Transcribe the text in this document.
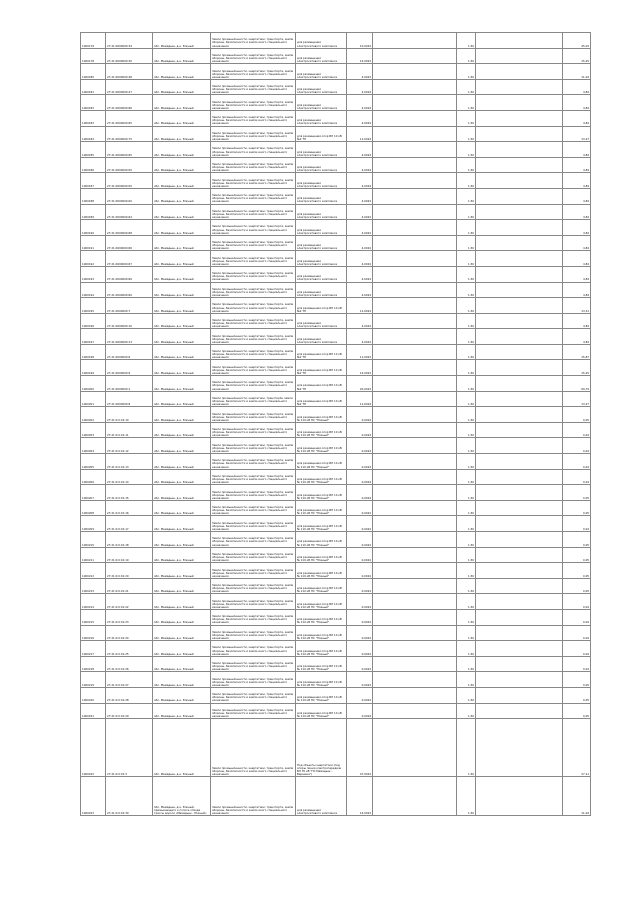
1000179	27:21:0000000:34	обл. Мамадыш, д.н. Южный	Земли промышленности, энергетики, транспорта, земли обороны, безопасности и земли иного специального назначения	для размещения электросетевого комплекса	10,0024		1,50		45,03
1000178	27:21:0000000:30	обл. Мамадыш, д.н. Южный	Земли промышленности, энергетики, транспорта, земли обороны, безопасности и земли иного специального назначения	для размещения электросетевого комплекса	12,0024		1,50		15,25
1000180	27:21:0000000:48	обл. Мамадыш, д.н. Южный	Земли промышленности, энергетики, транспорта, земли обороны, безопасности и земли иного специального назначения	для размещения электросетевого комплекса	4,0024		1,50		11,04
1000181	27:21:0000000:47	обл. Мамадыш, д.н. Южный	Земли промышленности, энергетики, транспорта, земли обороны, безопасности и земли иного специального назначения	для размещения электросетевого комплекса	4,0024		1,50		4,84
1000183	27:21:0000000:66	обл. Мамадыш, д.н. Южный	Земли промышленности, энергетики, транспорта, земли обороны, безопасности и земли иного специального назначения	для размещения электросетевого комплекса	4,0024		1,50		4,84
1000183	27:21:0000000:65	обл. Мамадыш, д.н. Южный	Земли промышленности, энергетики, транспорта, земли обороны, безопасности и земли иного специального назначения	для размещения электросетевого комплекса	4,0024		1,50		4,84
1000184	27:21:0000000:75	обл. Мамадыш, д.н. Южный	Земли промышленности, энергетики, транспорта, земли обороны, безопасности и земли иного специального назначения	для размещения опор ВЛ 10 кВ №2 ТП	11,0024		1,50		13,27
1000185	27:21:0000000:65	обл. Мамадыш, д.н. Южный	Земли промышленности, энергетики, транспорта, земли обороны, безопасности и земли иного специального назначения	для размещения электросетевого комплекса	4,0024		1,50		4,84
1000186	27:21:0000000:00	обл. Мамадыш, д.н. Южный	Земли промышленности, энергетики, транспорта, земли обороны, безопасности и земли иного специального назначения	для размещения электросетевого комплекса	4,0024		1,50		4,84
1000187	27:21:0000000:00	обл. Мамадыш, д.н. Южный	Земли промышленности, энергетики, транспорта, земли обороны, безопасности и земли иного специального назначения	для размещения электросетевого комплекса	4,0024		1,50		4,84
1000188	27:21:0000000:00	обл. Мамадыш, д.н. Южный	Земли промышленности, энергетики, транспорта, земли обороны, безопасности и земли иного специального назначения	для размещения электросетевого комплекса	4,0024		1,50		4,84
1000189	27:21:0000000:64	обл. Мамадыш, д.н. Южный	Земли промышленности, энергетики, транспорта, земли обороны, безопасности и земли иного специального назначения	для размещения электросетевого комплекса	4,0024		1,50		4,84
1000190	27:21:0000000:68	обл. Мамадыш, д.н. Южный	Земли промышленности, энергетики, транспорта, земли обороны, безопасности и земли иного специального назначения	для размещения электросетевого комплекса	4,0024		1,50		4,84
1000191	27:21:0000000:66	обл. Мамадыш, д.н. Южный	Земли промышленности, энергетики, транспорта, земли обороны, безопасности и земли иного специального назначения	для размещения электросетевого комплекса	4,0024		1,50		4,84
1000192	27:21:0000000:67	обл. Мамадыш, д.н. Южный	Земли промышленности, энергетики, транспорта, земли обороны, безопасности и земли иного специального назначения	для размещения электросетевого комплекса	4,0024		1,50		4,84
1000193	27:21:0000000:66	обл. Мамадыш, д.н. Южный	Земли промышленности, энергетики, транспорта, земли обороны, безопасности и земли иного специального назначения	для размещения электросетевого комплекса	4,0024		1,50		4,84
1000194	27:21:0000000:60	обл. Мамадыш, д.н. Южный	Земли промышленности, энергетики, транспорта, земли обороны, безопасности и земли иного специального назначения	для размещения электросетевого комплекса	4,0024		1,50		4,84
1000195	27:21:0000000:7	обл. Мамадыш, д.н. Южный	Земли промышленности, энергетики, транспорта, земли обороны, безопасности и земли иного специального назначения	для размещения опор ВЛ 10 кВ №2 ТП	11,0024		1,50		13,31
1000196	27:21:0000000:10	обл. Мамадыш, д.н. Южный	Земли промышленности, энергетики, транспорта, земли обороны, безопасности и земли иного специального назначения	для размещения электросетевого комплекса	4,0024		1,50		4,84
1000197	27:21:0000000:13	обл. Мамадыш, д.н. Южный	Земли промышленности, энергетики, транспорта, земли обороны, безопасности и земли иного специального назначения	для размещения электросетевого комплекса	4,0024		1,50		4,84
1000198	27:21:0000000:6	обл. Мамадыш, д.н. Южный	Земли промышленности, энергетики, транспорта, земли обороны, безопасности и земли иного специального назначения	для размещения опор ВЛ 10 кВ №2 ТП	11,0024		1,50		15,87
1000199	27:21:0000000:9	обл. Мамадыш, д.н. Южный	Земли промышленности, энергетики, транспорта, земли обороны, безопасности и земли иного специального назначения	для размещения опор ВЛ 10 кВ №2 ТП	12,0024		1,50		15,25
1000200	27:21:0000000:1	обл. Мамадыш, д.н. Южный	Земли промышленности, энергетики, транспорта, земли обороны, безопасности и земли иного специального назначения	для размещения опор ВЛ 10 кВ №2 ТП	20,0024		1,50		69,79
1000201	27:21:0000000:8	обл. Мамадыш, д.н. Южный	Земли промышленности, энергетики, транспорta, земли обороны, безопасности и земли иного специального назначения	для размещения опор ВЛ 10 кВ №2 ТП	11,0024		1,50		13,27
1000202	27:21:0:0:01:10	обл. Мамадыш, д.н. Южный	Земли промышленности, энергетики, транспорта, земли обороны, безопасности и земли иного специального назначения	для размещения опор ВЛ 10 кВ № 110 кВ ПС "Южный"	0,0024		1,50		0,05
1000203	27:21:0:0:01:11	обл. Мамадыш, д.н. Южный	Земли промышленности, энергетики, транспорта, земли обороны, безопасности и земли иного специального назначения	для размещения опор ВЛ 10 кВ № 110 кВ ПС "Южный"	0,0024		1,50		0,04
1000204	27:21:0:0:01:12	обл. Мамадыш, д.н. Южный	Земли промышленности, энергетики, транспорта, земли обороны, безопасности и земли иного специального назначения	для размещения опор ВЛ 10 кВ № 110 кВ ПС "Южный"	0,0024		1,50		0,04
1000205	27:21:0:0:01:13	обл. Мамадыш, д.н. Южный	Земли промышленности, энергетики, транспорта, земли обороны, безопасности и земли иного специального назначения	для размещения опор ВЛ 10 кВ № 110 кВ ПС "Южный"	0,0024		1,50		0,04
1000206	27:21:0:0:01:14	обл. Мамадыш, д.н. Южный	Земли промышленности, энергетики, транспорта, земли обороны, безопасности и земли иного специального назначения	для размещения опор ВЛ 10 кВ № 110 кВ ПС "Южный"	0,0024		1,50		0,04
1000207	27:21:0:0:01:15	обл. Мамадыш, д.н. Южный	Земли промышленности, энергетики, транспорта, земли обороны, безопасности и земли иного специального назначения	для размещения опор ВЛ 10 кВ № 110 кВ ПС "Южный"	0,0024		1,50		0,05
1000208	27:21:0:0:01:16	обл. Мамадыш, д.н. Южный	Земли промышленности, энергетики, транспорта, земли обороны, безопасности и земли иного специального назначения	для размещения опор ВЛ 10 кВ № 110 кВ ПС "Южный"	0,0024		1,50		0,05
1000209	27:21:0:0:01:17	обл. Мамадыш, д.н. Южный	Земли промышленности, энергетики, транспорта, земли обороны, безопасности и земли иного специального назначения	для размещения опор ВЛ 10 кВ № 110 кВ ПС "Южный"	0,0024		1,50		0,04
1000210	27:21:0:0:01:18	обл. Мамадыш, д.н. Южный	Земли промышленности, энергетики, транспорта, земли обороны, безопасности и земли иного специального назначения	для размещения опор ВЛ 10 кВ № 110 кВ ПС "Южный"	0,0024		1,50		0,05
1000211	27:21:0:0:01:19	обл. Мамадыш, д.н. Южный	Земли промышленности, энергетики, транспорта, земли обороны, безопасности и земли иного специального назначения	для размещения опор ВЛ 10 кВ № 110 кВ ПС "Южный"	0,0024		1,50		0,05
1000212	27:21:0:0:01:20	обл. Мамадыш, д.н. Южный	Земли промышленности, энергетики, транспорта, земли обороны, безопасности и земли иного специального назначения	для размещения опор ВЛ 10 кВ № 110 кВ ПС "Южный"	0,0024		1,50		0,05
1000213	27:21:0:0:01:21	обл. Мамадыш, д.н. Южный	Земли промышленности, энергетики, транспорта, земли обороны, безопасности и земли иного специального назначения	для размещения опор ВЛ 10 кВ № 110 кВ ПС "Южный"	0,0024		1,50		0,05
1000214	27:21:0:0:01:22	обл. Мамадыш, д.н. Южный	Земли промышленности, энергетики, транспорта, земли обороны, безопасности и земли иного специального назначения	для размещения опор ВЛ 10 кВ № 110 кВ ПС "Южный"	0,0024		1,50		0,04
1000215	27:21:0:0:01:23	обл. Мамадыш, д.н. Южный	Земли промышленности, энергетики, транспорта, земли обороны, безопасности и земли иного специального назначения	для размещения опор ВЛ 10 кВ № 110 кВ ПС "Южный"	0,0024		1,50		0,04
1000216	27:21:0:0:01:24	обл. Мамадыш, д.н. Южный	Земли промышленности, энергетики, транспорта, земли обороны, безопасности и земли иного специального назначения	для размещения опор ВЛ 10 кВ № 110 кВ ПС "Южный"	0,0024		1,50		0,04
1000217	27:21:0:0:01:25	обл. Мамадыш, д.н. Южный	Земли промышленности, энергетики, транспорта, земли обороны, безопасности и земли иного специального назначения	для размещения опор ВЛ 10 кВ № 110 кВ ПС "Южный"	0,0024		1,50		0,04
1000218	27:21:0:0:01:26	обл. Мамадыш, д.н. Южный	Земли промышленности, энергетики, транспорта, земли обороны, безопасности и земли иного специального назначения	для размещения опор ВЛ 10 кВ № 110 кВ ПС "Южный"	0,0024		1,50		0,04
1000219	27:21:0:0:01:27	обл. Мамадыш, д.н. Южный	Земли промышленности, энергетики, транспорта, земли обороны, безопасности и земли иного специального назначения	для размещения опор ВЛ 10 кВ № 110 кВ ПС "Южный"	0,0024		1,50		0,05
1000220	27:21:0:0:01:28	обл. Мамадыш, д.н. Южный	Земли промышленности, энергетики, транспорта, земли обороны, безопасности и земли иного специального назначения	для размещения опор ВЛ 10 кВ № 110 кВ ПС "Южный"	0,0024		1,50		0,05
1000221	27:21:0:0:01:29	обл. Мамадыш, д.н. Южный	Земли промышленности, энергетики, транспорта, земли обороны, безопасности и земли иного специального назначения	для размещения опор ВЛ 10 кВ № 110 кВ ПС "Южный"	0,0024		1,50		0,05
1000222	27:21:0:0:01:3	обл. Мамадыш, д.н. Южный	Земли промышленности, энергетики, транспорта, земли обороны, безопасности и земли иного специального назначения	Под объекты энергетики (под опоры линии электропередачи ВЛ 35 кВ "ПС Мамадыш - Вершина")	47,0024		1,50		27,11
1000223	27:21:0:0:01:30	обл. Мамадыш, д.н. Южный, примыкающего к полосе отвода трассы дороги «Мамадыш - Южный»	Земли промышленности, энергетики, транспорта, земли обороны, безопасности и земли иного специального назначения	для размещения электросетевого комплекса	14,0024		1,50		11,04
